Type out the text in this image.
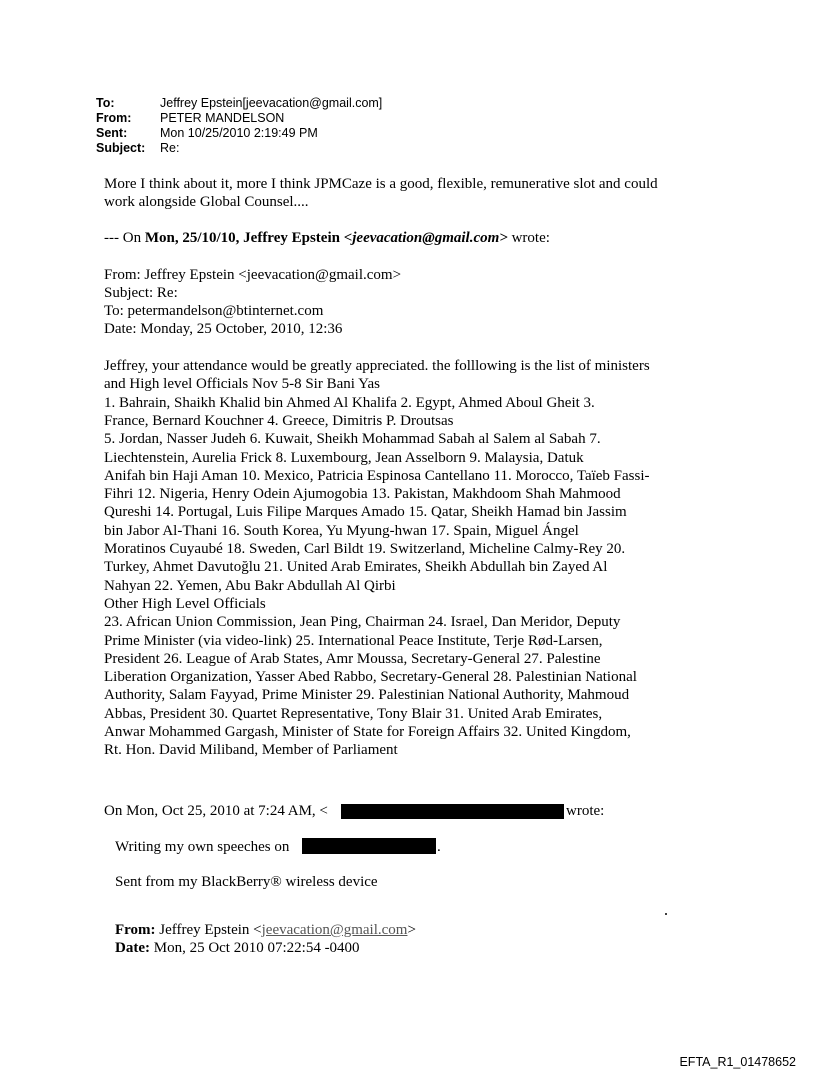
To:	Jeffrey Epstein[jeevacation@gmail.com]
From: PETER MANDELSON
Sent:	Mon 10/25/2010 2:19:49 PM
Subject: Re:
More I think about it, more I think JPMCaze is a good, flexible, remunerative slot and could
work alongside Global Counsel....
--- On Mon, 25/10/10, Jeffrey Epstein <jeevacation@gmail.com> wrote:
From: Jeffrey Epstein <jeevacation@gmail.com>
Subject: Re:
To: petermandelson@btinternet.com
Date: Monday, 25 October, 2010, 12:36
Jeffrey, your attendance would be greatly appreciated. the folllowing is the list of ministers
and High level Officials Nov 5-8 Sir Bani Yas
1. Bahrain, Shaikh Khalid bin Ahmed Al Khalifa 2. Egypt, Ahmed Aboul Gheit 3.
France, Bernard Kouchner 4. Greece, Dimitris P. Droutsas
5. Jordan, Nasser Judeh 6. Kuwait, Sheikh Mohammad Sabah al Salem al Sabah 7.
Liechtenstein, Aurelia Frick 8. Luxembourg, Jean Asselborn 9. Malaysia, Datuk
Anifah bin Haji Aman 10. Mexico, Patricia Espinosa Cantellano 11. Morocco, Taïeb Fassi-
Fihri 12. Nigeria, Henry Odein Ajumogobia 13. Pakistan, Makhdoom Shah Mahmood
Qureshi 14. Portugal, Luis Filipe Marques Amado 15. Qatar, Sheikh Hamad bin Jassim
bin Jabor Al-Thani 16. South Korea, Yu Myung-hwan 17. Spain, Miguel Ángel
Moratinos Cuyaubé 18. Sweden, Carl Bildt 19. Switzerland, Micheline Calmy-Rey 20.
Turkey, Ahmet Davutoğlu 21. United Arab Emirates, Sheikh Abdullah bin Zayed Al
Nahyan 22. Yemen, Abu Bakr Abdullah Al Qirbi
Other High Level Officials
23. African Union Commission, Jean Ping, Chairman 24. Israel, Dan Meridor, Deputy
Prime Minister (via video-link) 25. International Peace Institute, Terje Rød-Larsen,
President 26. League of Arab States, Amr Moussa, Secretary-General 27. Palestine
Liberation Organization, Yasser Abed Rabbo, Secretary-General 28. Palestinian National
Authority, Salam Fayyad, Prime Minister 29. Palestinian National Authority, Mahmoud
Abbas, President 30. Quartet Representative, Tony Blair 31. United Arab Emirates,
Anwar Mohammed Gargash, Minister of State for Foreign Affairs 32. United Kingdom,
Rt. Hon. David Miliband, Member of Parliament
On Mon, Oct 25, 2010 at 7:24 AM, <	wrote:
Writing my own speeches on	.
Sent from my BlackBerry® wireless device
From: Jeffrey Epstein <jeevacation@gmail.com>
Date: Mon, 25 Oct 2010 07:22:54 -0400
EFTA_R1_01478652
